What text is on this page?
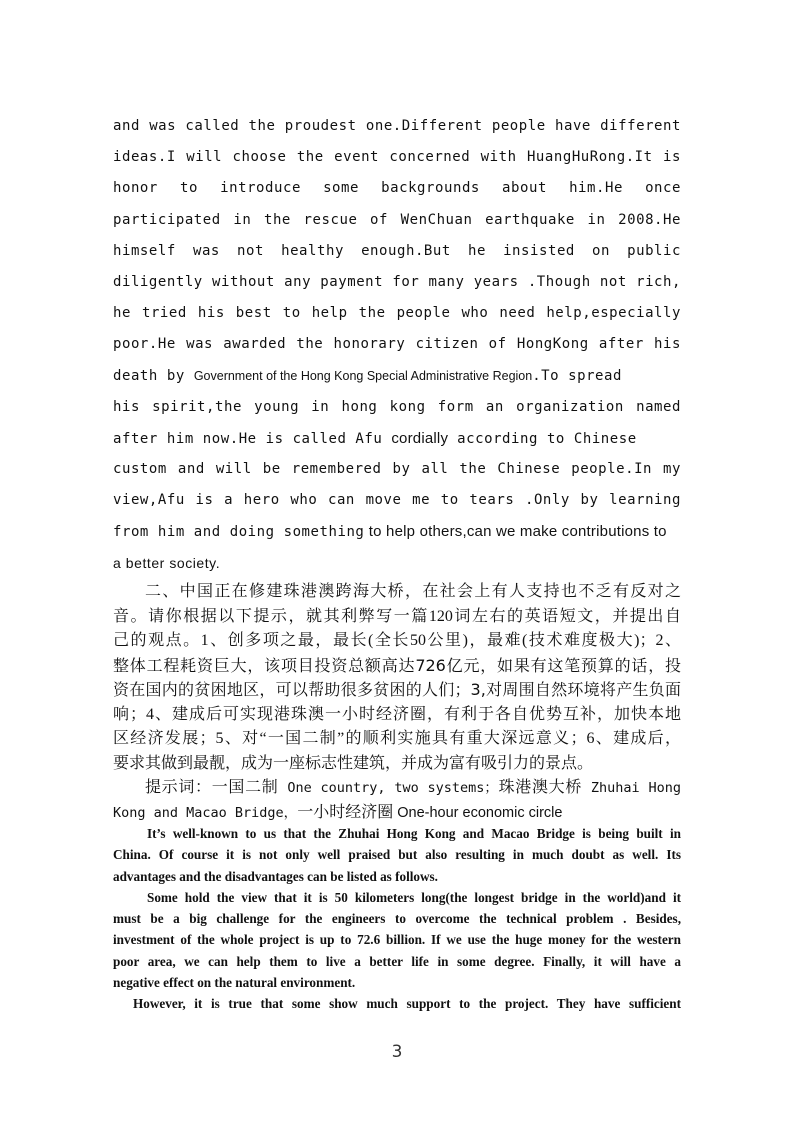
and was called the proudest one.Different people have different
ideas.I will choose the event concerned with HuangHuRong.It is
honor to introduce some backgrounds about him.He once
participated in the rescue of WenChuan earthquake in 2008.He
himself was not healthy enough.But he insisted on public
diligently without any payment for many years .Though not rich,
he tried his best to help the people who need help,especially
poor.He was awarded the honorary citizen of HongKong after his
death by Government of the Hong Kong Special Administrative Region.To spread
his spirit,the young in hong kong form an organization named
after him now.He is called Afu cordially according to Chinese
custom and will be remembered by all the Chinese people.In my
view,Afu is a hero who can move me to tears .Only by learning
from him and doing something to help others,can we make contributions to
a better society.
二、中国正在修建珠港澳跨海大桥，在社会上有人支持也不乏有反对之
音。请你根据以下提示，就其利弊写一篇120词左右的英语短文，并提出自
己的观点。1、创多项之最，最长(全长50公里)，最难(技术难度极大)；2、
整体工程耗资巨大，该项目投资总额高达726亿元，如果有这笔预算的话，投
资在国内的贫困地区，可以帮助很多贫困的人们；3,对周围自然环境将产生负面
响；4、建成后可实现港珠澳一小时经济圈，有利于各自优势互补，加快本地
区经济发展；5、对“一国二制”的顺利实施具有重大深远意义；6、建成后，
要求其做到最靓，成为一座标志性建筑，并成为富有吸引力的景点。
提示词：一国二制 One country, two systems；珠港澳大桥 Zhuhai Hong
Kong and Macao Bridge，一小时经济圈 One-hour economic circle
It’s well-known to us that the Zhuhai Hong Kong and Macao Bridge is being built in
China. Of course it is not only well praised but also resulting in much doubt as well. Its
advantages and the disadvantages can be listed as follows.
Some hold the view that it is 50 kilometers long(the longest bridge in the world)and it
must be a big challenge for the engineers to overcome the technical problem . Besides,
investment of the whole project is up to 72.6 billion. If we use the huge money for the western
poor area, we can help them to live a better life in some degree. Finally, it will have a
negative effect on the natural environment.
However, it is true that some show much support to the project. They have sufficient
3
